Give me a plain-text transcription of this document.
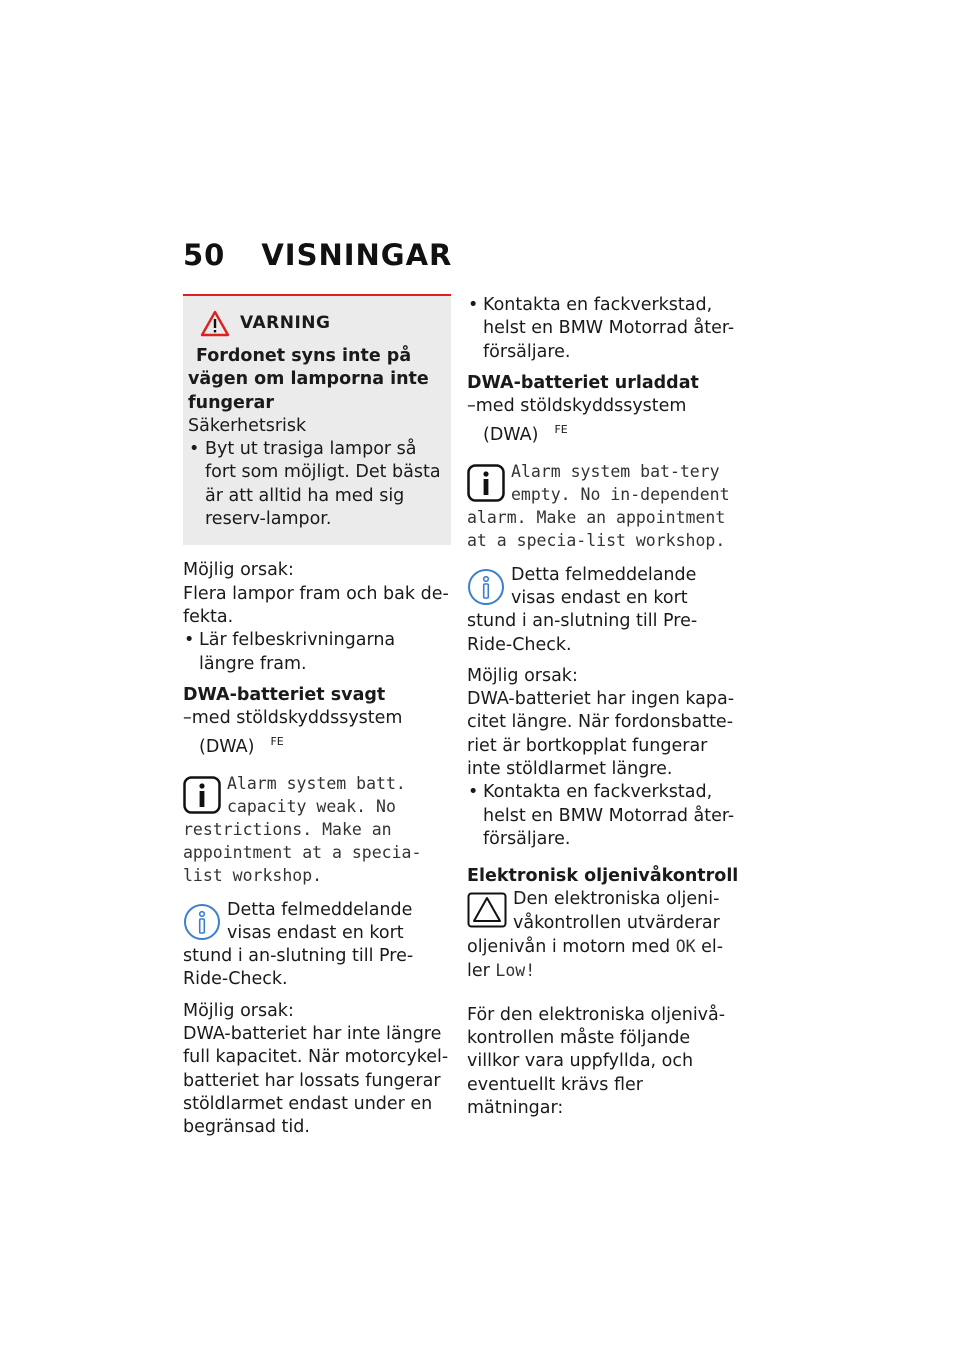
50 VISNINGAR
VARNING

Fordonet syns inte på

vägen om lamporna inte fungerar

Säkerhetsrisk

• Byt ut trasiga lampor så fort som möjligt. Det bästa är att alltid ha med sig reserv-lampor.

Möjlig orsak:

Flera lampor fram och bak de-fekta.

• Lär felbeskrivningarna längre fram.

DWA-batteriet svagt

–med stöldskyddssystem (DWA) $^{FE}$

Alarm system batt. capacity weak. No restrictions. Make an appointment at a specia-list workshop.

Detta felmeddelande visas endast en kort stund i an-slutning till Pre-Ride-Check.

Möjlig orsak:

DWA-batteriet har inte längre full kapacitet. När motorcykel-batteriet har lossats fungerar stöldlarmet endast under en begränsad tid.

• Kontakta en fackverkstad, helst en BMW Motorrad åter-försäljare.

DWA-batteriet urladdat

–med stöldskyddssystem (DWA) $^{FE}$

Alarm system bat-tery empty. No in-dependent alarm. Make an appointment at a specia-list workshop.

Detta felmeddelande visas endast en kort stund i an-slutning till Pre-Ride-Check.

Möjlig orsak:

DWA-batteriet har ingen kapa-citet längre. När fordonsbatte-riet är bortkopplat fungerar inte stöldlarmet längre.

• Kontakta en fackverkstad, helst en BMW Motorrad åter-försäljare.

Elektronisk oljenivåkontroll

Den elektroniska oljeni-våkontrollen utvärderar oljenivån i motorn med OK el-ler Low!

För den elektroniska oljenivå-kontrollen måste följande villkor vara uppfyllda, och eventuellt krävs fler mätningar:
